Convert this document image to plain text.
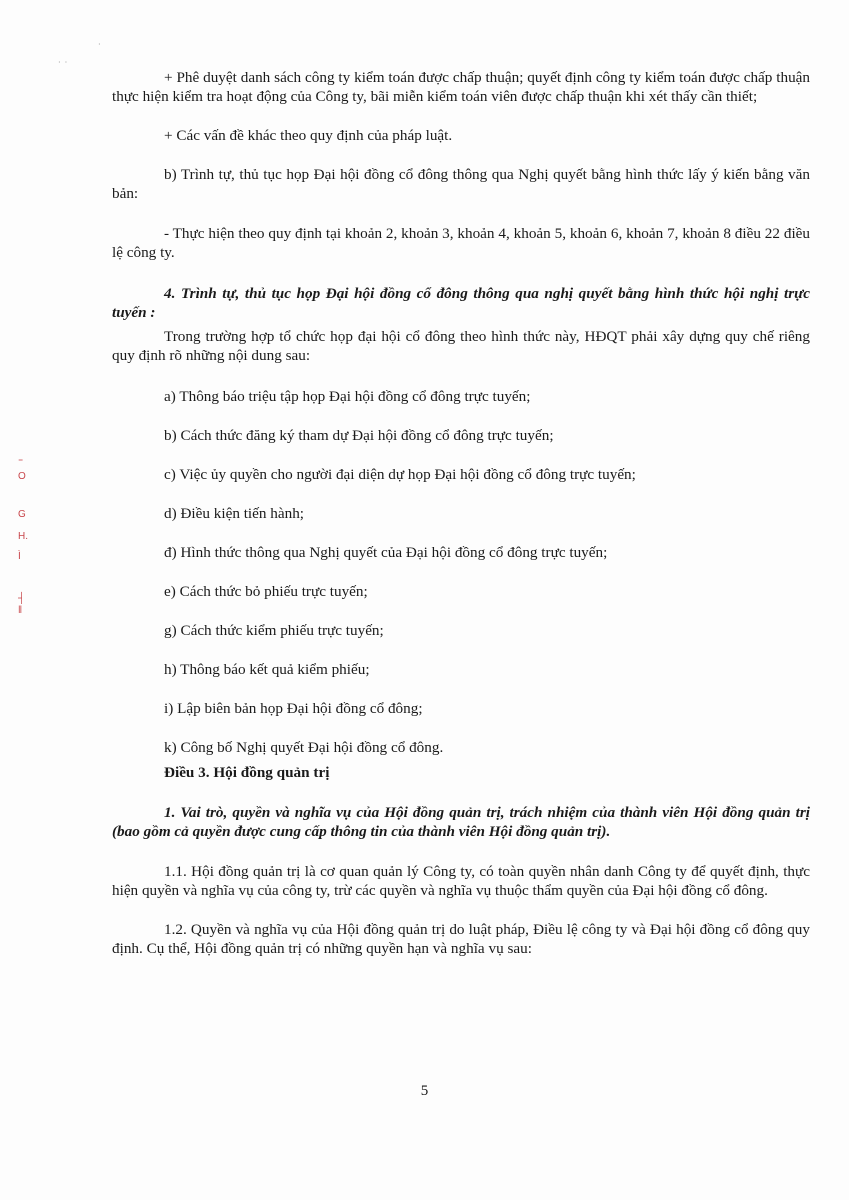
·  ·
·
⁼
O
G
H.
Ì
┤
‖

+ Phê duyệt danh sách công ty kiểm toán được chấp thuận; quyết định công ty kiểm toán được chấp thuận thực hiện kiểm tra hoạt động của Công ty, bãi miễn kiểm toán viên được chấp thuận khi xét thấy cần thiết;

+ Các vấn đề khác theo quy định của pháp luật.

b) Trình tự, thủ tục họp Đại hội đồng cổ đông thông qua Nghị quyết bằng hình thức lấy ý kiến bằng văn bản:

- Thực hiện theo quy định tại khoản 2, khoản 3, khoản 4, khoản 5, khoản 6, khoản 7, khoản 8 điều 22 điều lệ công ty.

4. Trình tự, thủ tục họp Đại hội đồng cổ đông thông qua nghị quyết bằng hình thức hội nghị trực tuyến :

Trong trường hợp tổ chức họp đại hội cổ đông theo hình thức này, HĐQT phải xây dựng quy chế riêng quy định rõ những nội dung sau:

a) Thông báo triệu tập họp Đại hội đồng cổ đông trực tuyến;

b) Cách thức đăng ký tham dự Đại hội đồng cổ đông trực tuyến;

c) Việc ủy quyền cho người đại diện dự họp Đại hội đồng cổ đông trực tuyến;

d) Điều kiện tiến hành;

đ) Hình thức thông qua Nghị quyết của Đại hội đồng cổ đông trực tuyến;

e) Cách thức bỏ phiếu trực tuyến;

g) Cách thức kiểm phiếu trực tuyến;

h) Thông báo kết quả kiểm phiếu;

i) Lập biên bản họp Đại hội đồng cổ đông;

k) Công bố Nghị quyết Đại hội đồng cổ đông.

Điều 3. Hội đồng quản trị

1. Vai trò, quyền và nghĩa vụ của Hội đồng quản trị, trách nhiệm của thành viên Hội đồng quản trị (bao gồm cả quyền được cung cấp thông tin của thành viên Hội đồng quản trị).

1.1. Hội đồng quản trị là cơ quan quản lý Công ty, có toàn quyền nhân danh Công ty để quyết định, thực hiện quyền và nghĩa vụ của công ty, trừ các quyền và nghĩa vụ thuộc thẩm quyền của Đại hội đồng cổ đông.

1.2. Quyền và nghĩa vụ của Hội đồng quản trị do luật pháp, Điều lệ công ty và Đại hội đồng cổ đông quy định. Cụ thể, Hội đồng quản trị có những quyền hạn và nghĩa vụ sau:

5
